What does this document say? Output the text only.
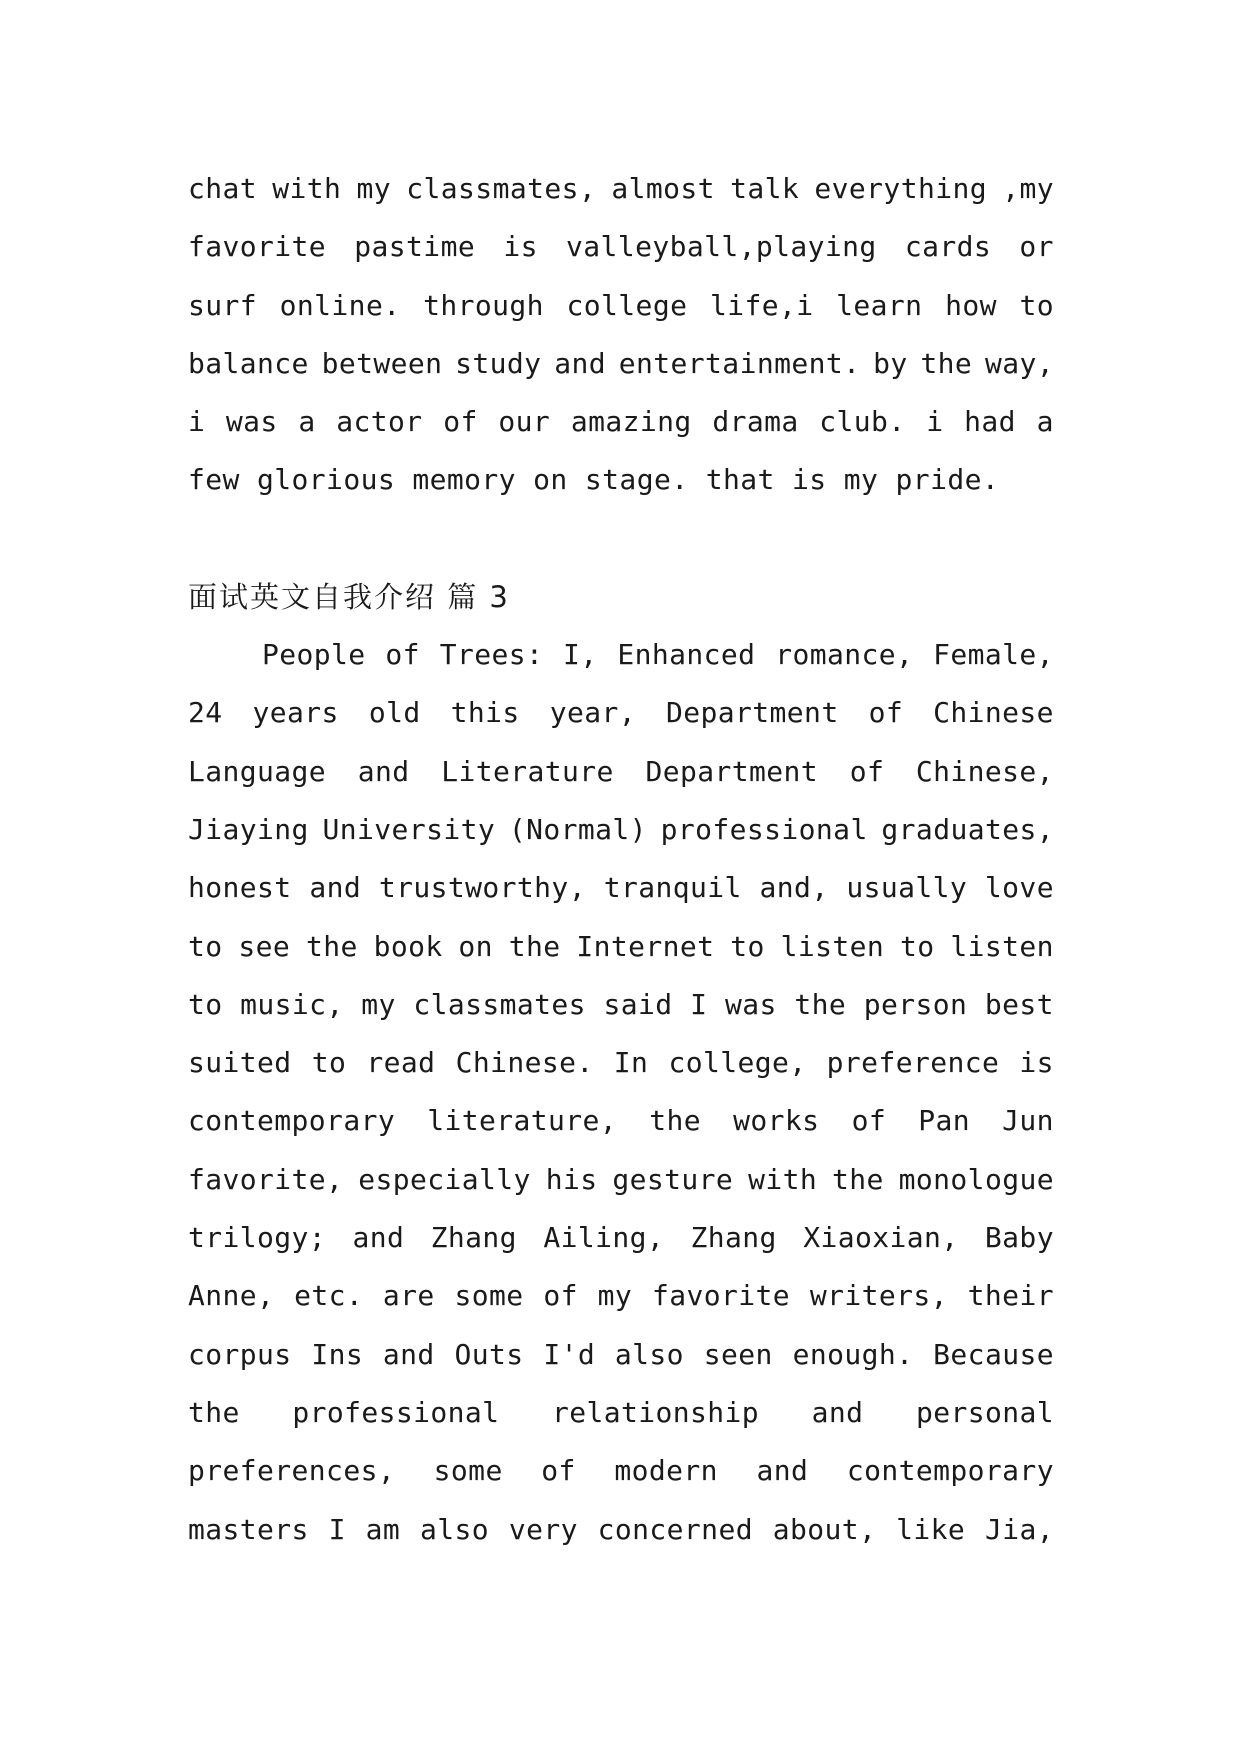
chat with my classmates, almost talk everything ,my
favorite pastime is valleyball,playing cards or
surf online. through college life,i learn how to
balance between study and entertainment. by the way,
i was a actor of our amazing drama club. i had a
few glorious memory on stage. that is my pride.
面试英文自我介绍 篇 3
People of Trees: I, Enhanced romance, Female,
24 years old this year, Department of Chinese
Language and Literature Department of Chinese,
Jiaying University (Normal) professional graduates,
honest and trustworthy, tranquil and, usually love
to see the book on the Internet to listen to listen
to music, my classmates said I was the person best
suited to read Chinese. In college, preference is
contemporary literature, the works of Pan Jun
favorite, especially his gesture with the monologue
trilogy; and Zhang Ailing, Zhang Xiaoxian, Baby
Anne, etc. are some of my favorite writers, their
corpus Ins and Outs I'd also seen enough. Because
the professional relationship and personal
preferences, some of modern and contemporary
masters I am also very concerned about, like Jia,
